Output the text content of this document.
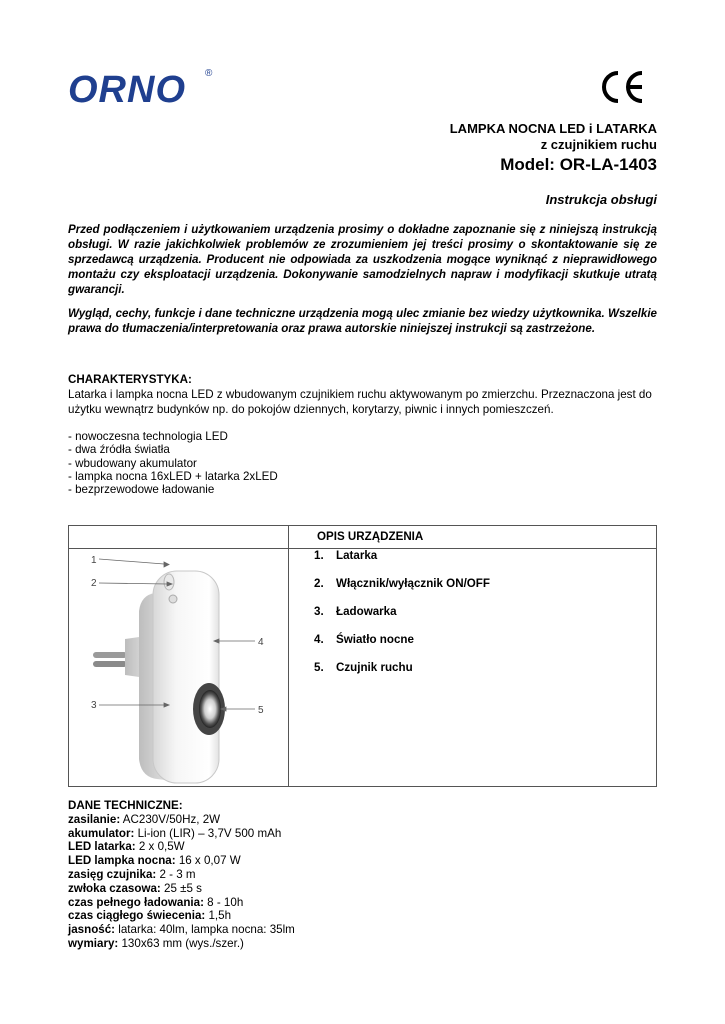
ORNO ®
LAMPKA NOCNA LED i LATARKA
z czujnikiem ruchu
Model: OR-LA-1403
Instrukcja obsługi

Przed podłączeniem i użytkowaniem urządzenia prosimy o dokładne zapoznanie się z niniejszą instrukcją obsługi. W razie jakichkolwiek problemów ze zrozumieniem jej treści prosimy o skontaktowanie się ze sprzedawcą urządzenia. Producent nie odpowiada za uszkodzenia mogące wyniknąć z nieprawidłowego montażu czy eksploatacji urządzenia. Dokonywanie samodzielnych napraw i modyfikacji skutkuje utratą gwarancji.

Wygląd, cechy, funkcje i dane techniczne urządzenia mogą ulec zmianie bez wiedzy użytkownika. Wszelkie prawa do tłumaczenia/interpretowania oraz prawa autorskie niniejszej instrukcji są zastrzeżone.

CHARAKTERYSTYKA:
Latarka i lampka nocna LED z wbudowanym czujnikiem ruchu aktywowanym po zmierzchu. Przeznaczona jest do użytku wewnątrz budynków np. do pokojów dziennych, korytarzy, piwnic i innych pomieszczeń.
- nowoczesna technologia LED
- dwa źródła światła
- wbudowany akumulator
- lampka nocna 16xLED + latarka 2xLED
- bezprzewodowe ładowanie
OPIS URZĄDZENIA
1
2
3
4
5
1. Latarka
2. Włącznik/wyłącznik ON/OFF
3. Ładowarka
4. Światło nocne
5. Czujnik ruchu
DANE TECHNICZNE:
zasilanie: AC230V/50Hz, 2W
akumulator: Li-ion (LIR) – 3,7V 500 mAh
LED latarka: 2 x 0,5W
LED lampka nocna: 16 x 0,07 W
zasięg czujnika: 2 - 3 m
zwłoka czasowa: 25 ±5 s
czas pełnego ładowania: 8 - 10h
czas ciągłego świecenia: 1,5h
jasność: latarka: 40lm, lampka nocna: 35lm
wymiary: 130x63 mm (wys./szer.)
